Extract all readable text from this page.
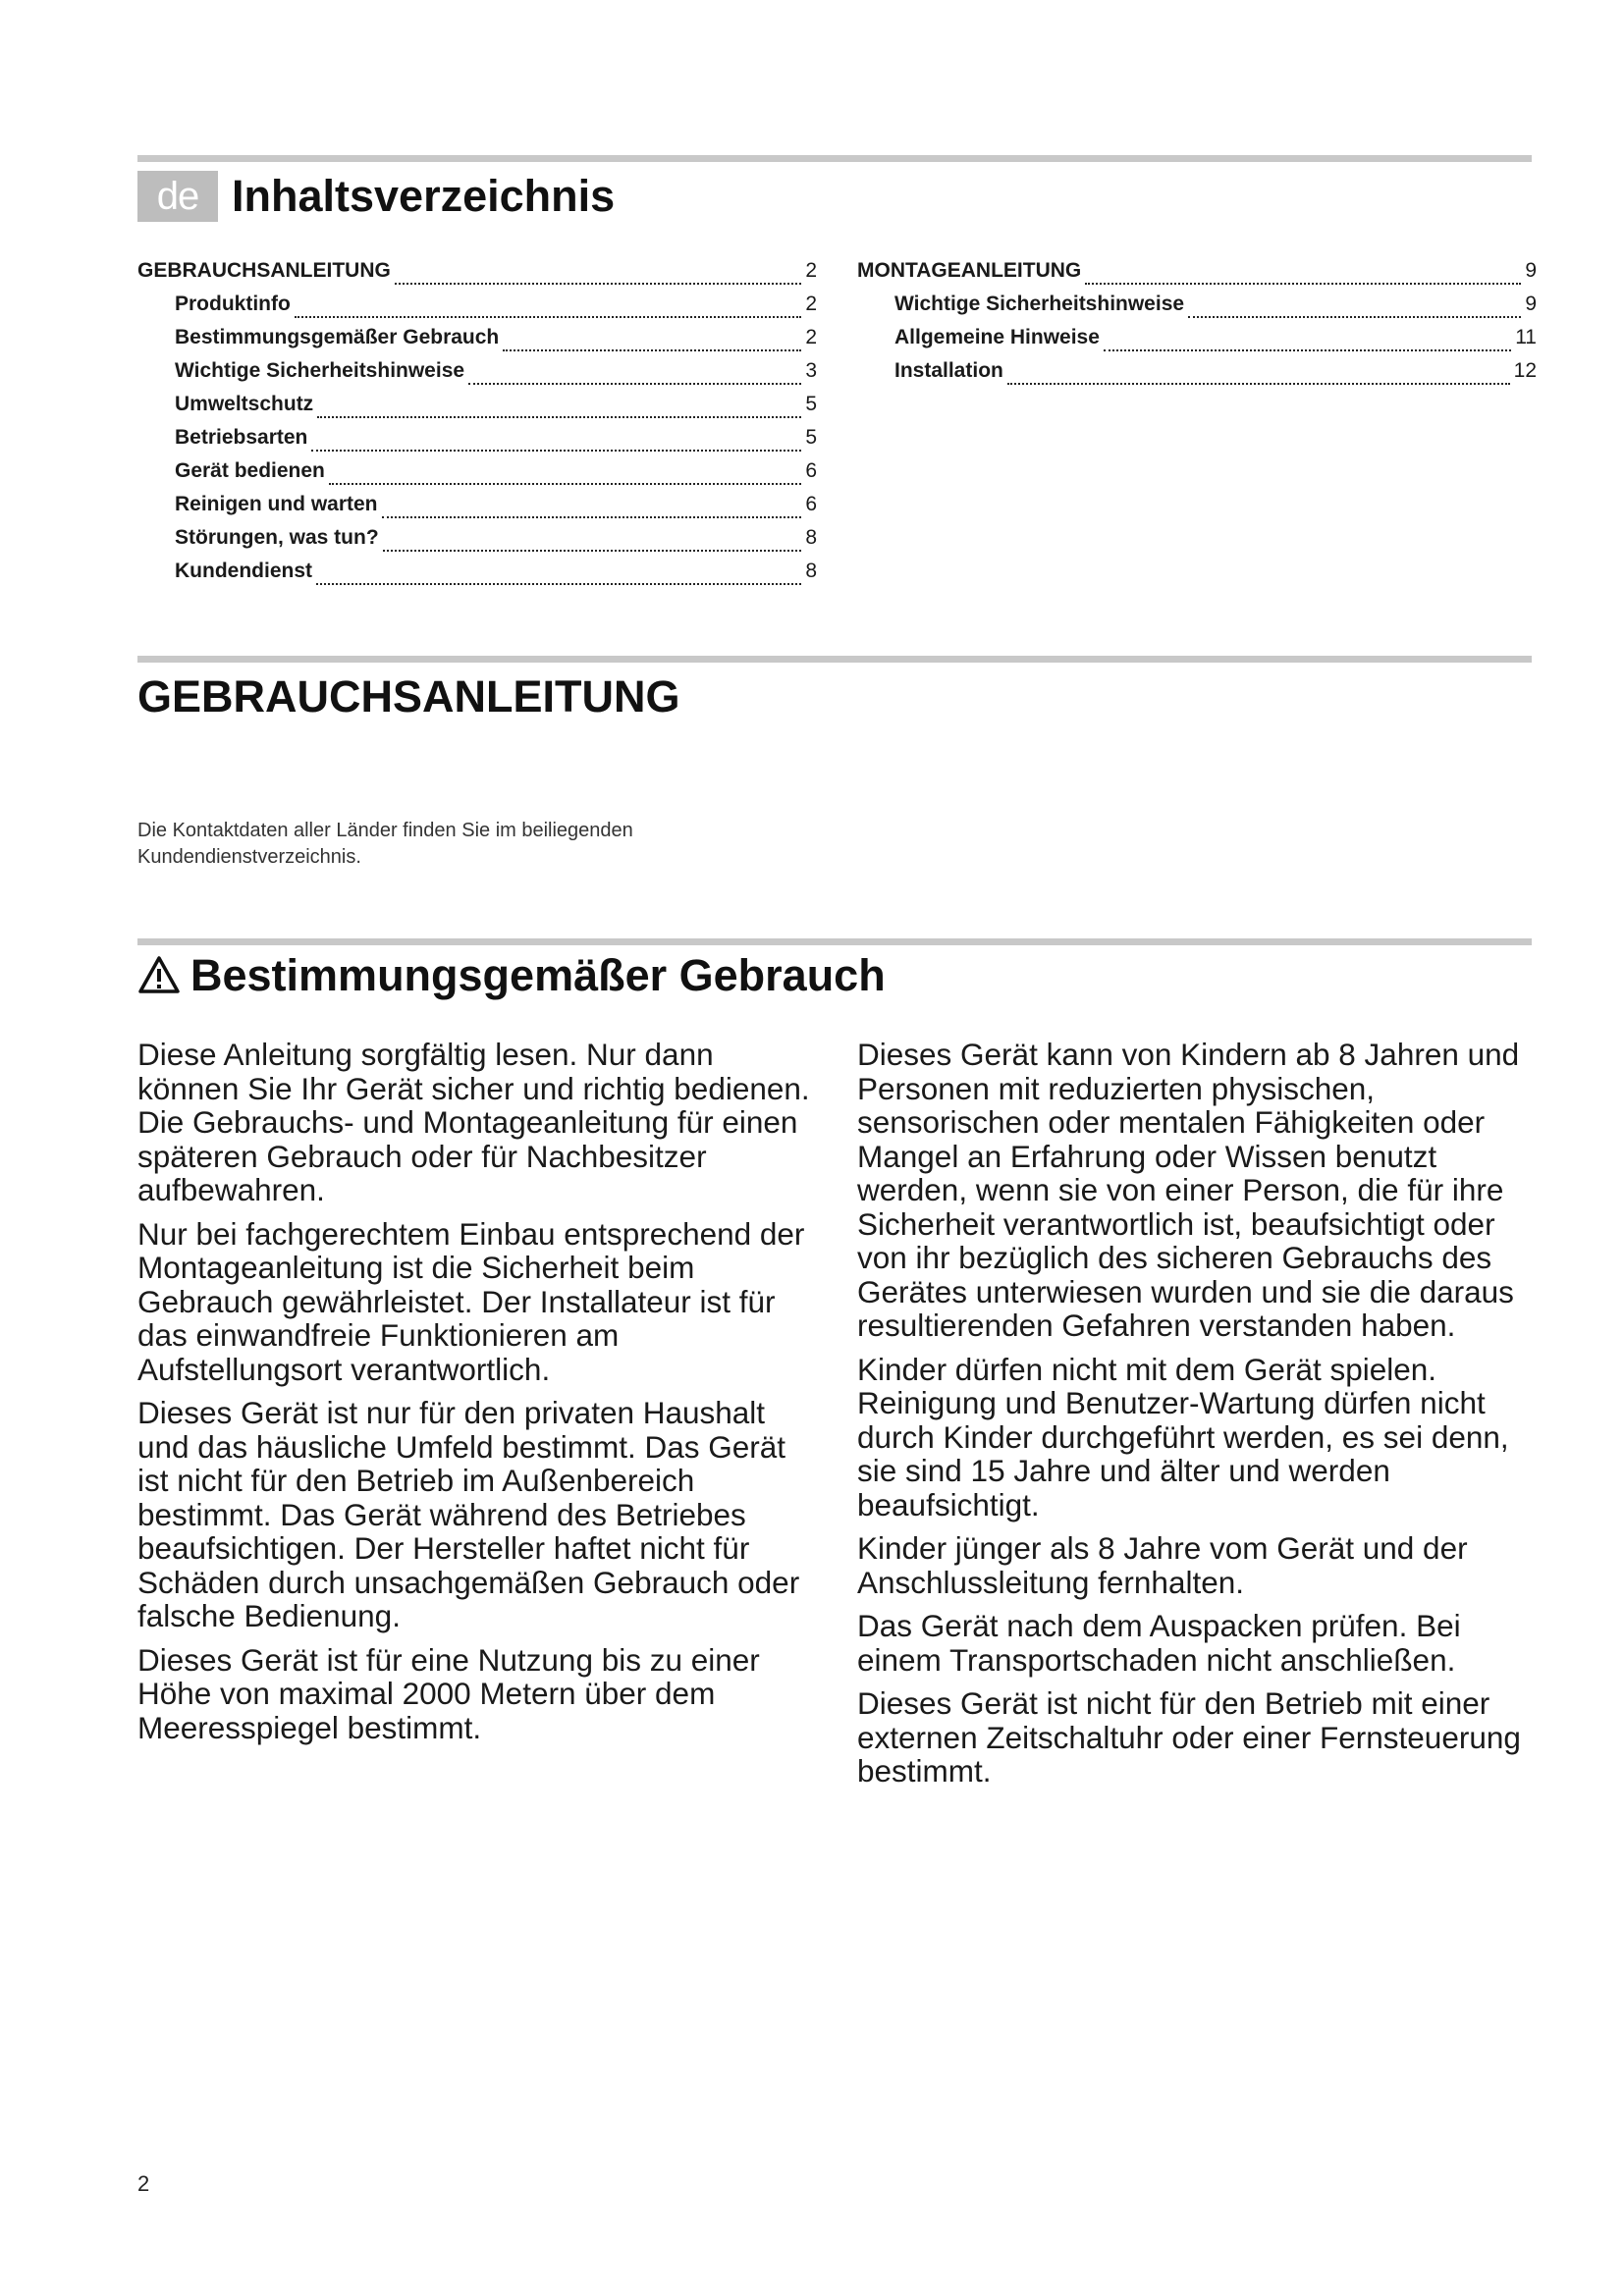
de Inhaltsverzeichnis
GEBRAUCHSANLEITUNG	2
Produktinfo	2
Bestimmungsgemäßer Gebrauch	2
Wichtige Sicherheitshinweise	3
Umweltschutz	5
Betriebsarten	5
Gerät bedienen	6
Reinigen und warten	6
Störungen, was tun?	8
Kundendienst	8
MONTAGEANLEITUNG	9
Wichtige Sicherheitshinweise	9
Allgemeine Hinweise	11
Installation	12
GEBRAUCHSANLEITUNG
Die Kontaktdaten aller Länder finden Sie im beiliegenden Kundendienstverzeichnis.
Bestimmungsgemäßer Gebrauch

Diese Anleitung sorgfältig lesen. Nur dann können Sie Ihr Gerät sicher und richtig bedienen. Die Gebrauchs- und Montageanleitung für einen späteren Gebrauch oder für Nachbesitzer aufbewahren.

Nur bei fachgerechtem Einbau entsprechend der Montageanleitung ist die Sicherheit beim Gebrauch gewährleistet. Der Installateur ist für das einwandfreie Funktionieren am Aufstellungsort verantwortlich.

Dieses Gerät ist nur für den privaten Haushalt und das häusliche Umfeld bestimmt. Das Gerät ist nicht für den Betrieb im Außenbereich bestimmt. Das Gerät während des Betriebes beaufsichtigen. Der Hersteller haftet nicht für Schäden durch unsachgemäßen Gebrauch oder falsche Bedienung.

Dieses Gerät ist für eine Nutzung bis zu einer Höhe von maximal 2000 Metern über dem Meeresspiegel bestimmt.

Dieses Gerät kann von Kindern ab 8 Jahren und Personen mit reduzierten physischen, sensorischen oder mentalen Fähigkeiten oder Mangel an Erfahrung oder Wissen benutzt werden, wenn sie von einer Person, die für ihre Sicherheit verantwortlich ist, beaufsichtigt oder von ihr bezüglich des sicheren Gebrauchs des Gerätes unterwiesen wurden und sie die daraus resultierenden Gefahren verstanden haben.

Kinder dürfen nicht mit dem Gerät spielen. Reinigung und Benutzer-Wartung dürfen nicht durch Kinder durchgeführt werden, es sei denn, sie sind 15 Jahre und älter und werden beaufsichtigt.

Kinder jünger als 8 Jahre vom Gerät und der Anschlussleitung fernhalten.

Das Gerät nach dem Auspacken prüfen. Bei einem Transportschaden nicht anschließen.

Dieses Gerät ist nicht für den Betrieb mit einer externen Zeitschaltuhr oder einer Fernsteuerung bestimmt.

2
